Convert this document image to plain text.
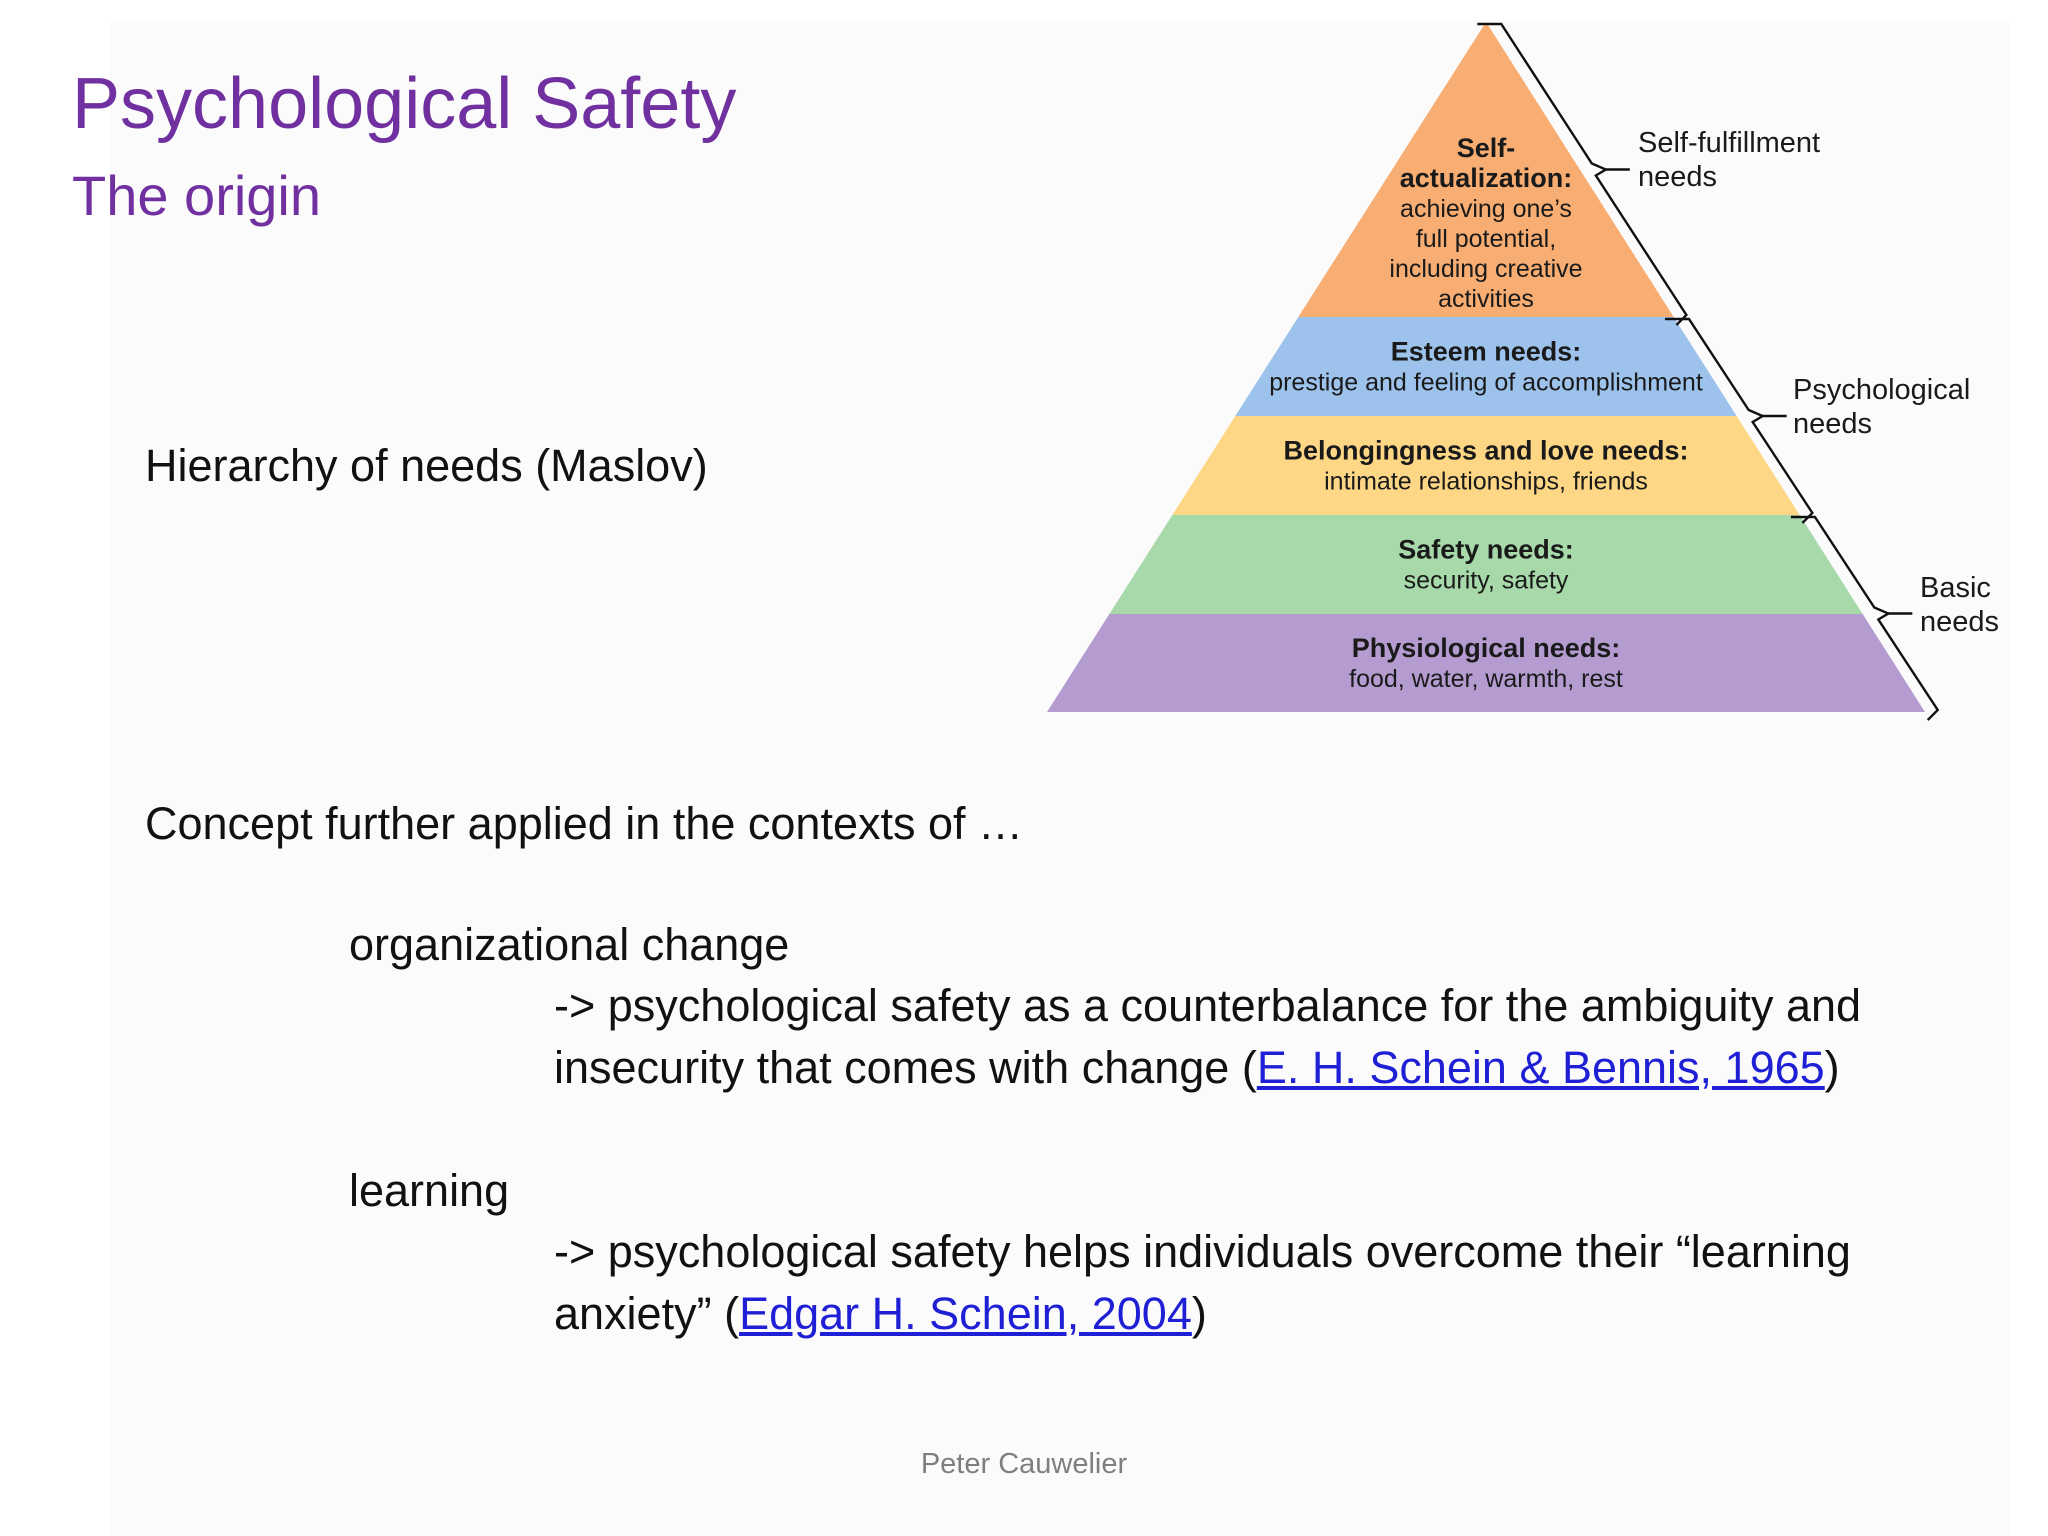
Psychological Safety
The origin

Hierarchy of needs (Maslov)

Concept further applied in the contexts of …

organizational change

-> psychological safety as a counterbalance for the ambiguity and insecurity that comes with change (E. H. Schein & Bennis, 1965)

learning

-> psychological safety helps individuals overcome their “learning anxiety” (Edgar H. Schein, 2004)

Peter Cauwelier
Self-
actualization:
achieving one’s
full potential,
including creative
activities
Esteem needs:
prestige and feeling of accomplishment
Belongingness and love needs:
intimate relationships, friends
Safety needs:
security, safety
Physiological needs:
food, water, warmth, rest
Self-fulfillment
needs
Psychological
needs
Basic
needs
